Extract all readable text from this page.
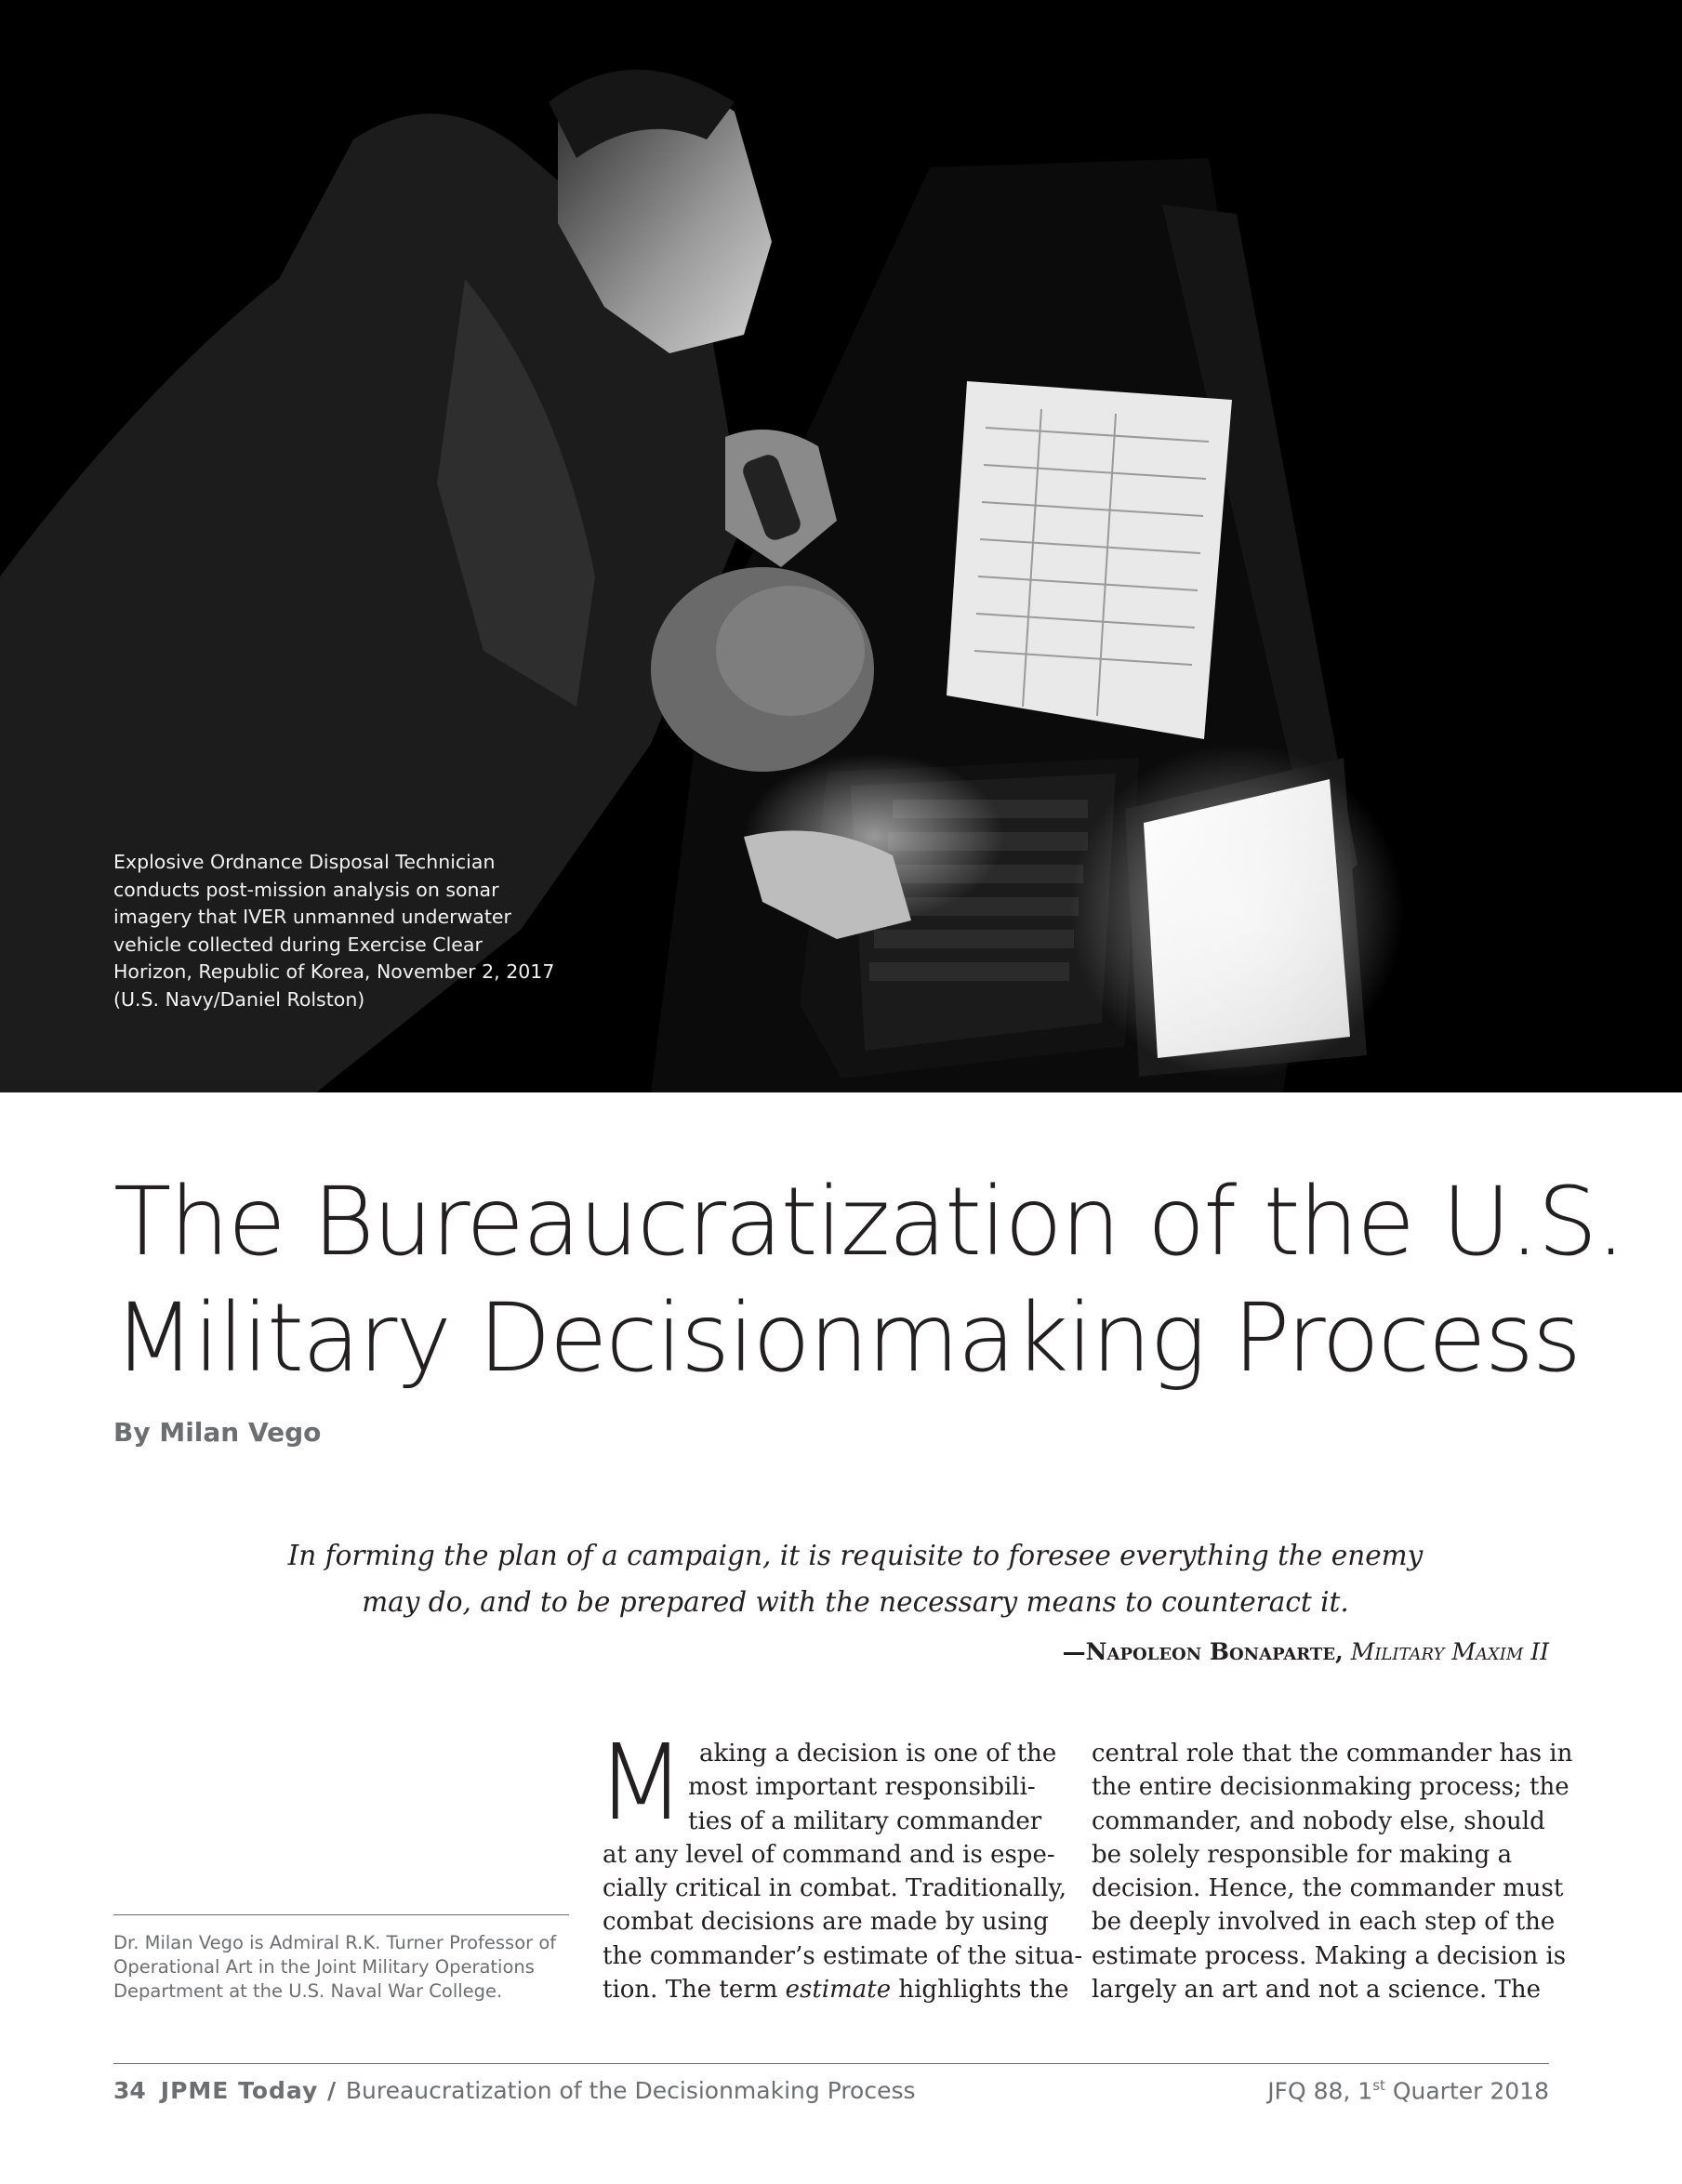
Explosive Ordnance Disposal Technician
conducts post-mission analysis on sonar
imagery that IVER unmanned underwater
vehicle collected during Exercise Clear
Horizon, Republic of Korea, November 2, 2017
(U.S. Navy/Daniel Rolston)
The Bureaucratization of the U.S.
Military Decisionmaking Process
By Milan Vego
In forming the plan of a campaign, it is requisite to foresee everything the enemy
may do, and to be prepared with the necessary means to counteract it.
—Napoleon Bonaparte, Military Maxim II
Dr. Milan Vego is Admiral R.K. Turner Professor of
Operational Art in the Joint Military Operations
Department at the U.S. Naval War College.
M aking a decision is one of the
most important responsibili-
ties of a military commander
at any level of command and is espe-
cially critical in combat. Traditionally,
combat decisions are made by using
the commander’s estimate of the situa-
tion. The term estimate highlights the
central role that the commander has in
the entire decisionmaking process; the
commander, and nobody else, should
be solely responsible for making a
decision. Hence, the commander must
be deeply involved in each step of the
estimate process. Making a decision is
largely an art and not a science. The
34 JPME Today / Bureaucratization of the Decisionmaking Process	JFQ 88, 1st Quarter 2018
